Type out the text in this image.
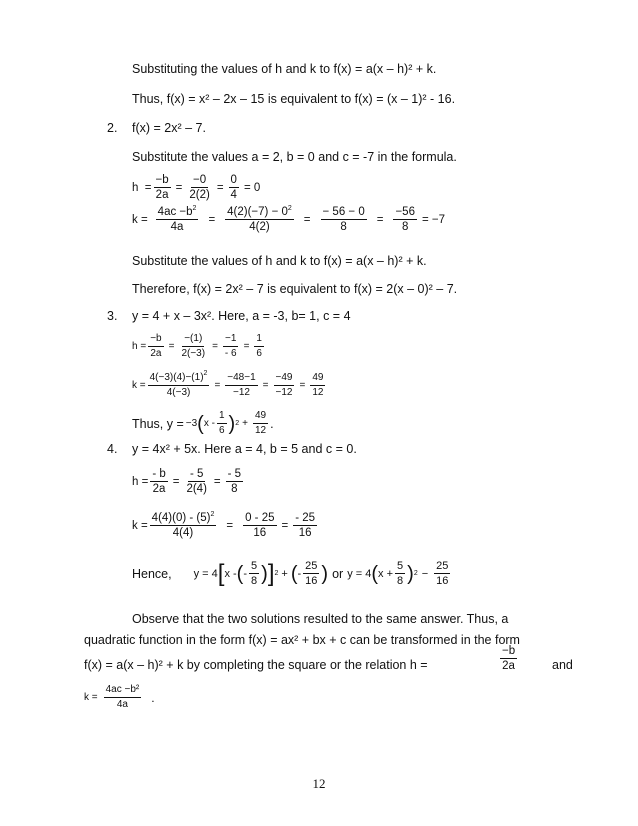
Substituting the values of h and k to f(x) = a(x – h)² + k.
Thus, f(x) = x² – 2x – 15 is equivalent to f(x) = (x – 1)² - 16.
2. f(x) = 2x² – 7.
Substitute the values a = 2, b = 0 and c = -7 in the formula.
$h = \frac{-b}{2a} = \frac{-0}{2(2)} = \frac{0}{4} = 0$
$k = \frac{4ac -b^2}{4a} = \frac{4(2)(-7) - 0^2}{4(2)} = \frac{- 56 - 0}{8} = \frac{-56}{8} = -7$
Substitute the values of h and k to f(x) = a(x – h)² + k.
Therefore, f(x) = 2x² – 7 is equivalent to f(x) = 2(x – 0)² – 7.
3. y = 4 + x – 3x². Here, a = -3, b= 1, c = 4
$h = \frac{-b}{2a} = \frac{-(1)}{2(-3)} = \frac{-1}{- 6} = \frac{1}{6}$
$k = \frac{4(-3)(4)-(1)^2}{4(-3)} = \frac{-48-1}{-12} = \frac{-49}{-12} = \frac{49}{12}$
Thus, y = −3 ( x -
1
6 ) $2 + \frac{49}{12}$ .
4. y = 4x² + 5x. Here a = 4, b = 5 and c = 0.
$h = \frac{- b}{2a} = \frac{- 5}{2(4)} = \frac{- 5}{8}$
$k = \frac{4(4)(0) - (5)^2}{4(4)} = \frac{0 - 25}{16} = \frac{- 25}{16}$
Hence, y = 4 [ x - ( -
5
8 ) ] 2 + ( -
25
16 ) or y = 4 ( $x + \frac{5}{8}$ ) $2 - \frac{25}{16}$
Observe that the two solutions resulted to the same answer. Thus, a
quadratic function in the form f(x) = ax² + bx + c can be transformed in the form
f(x) = a(x – h)² + k by completing the square or the relation h =
−b
2a	and
$k = \frac{\text{4ac −b²}}{4a}$ .
12
